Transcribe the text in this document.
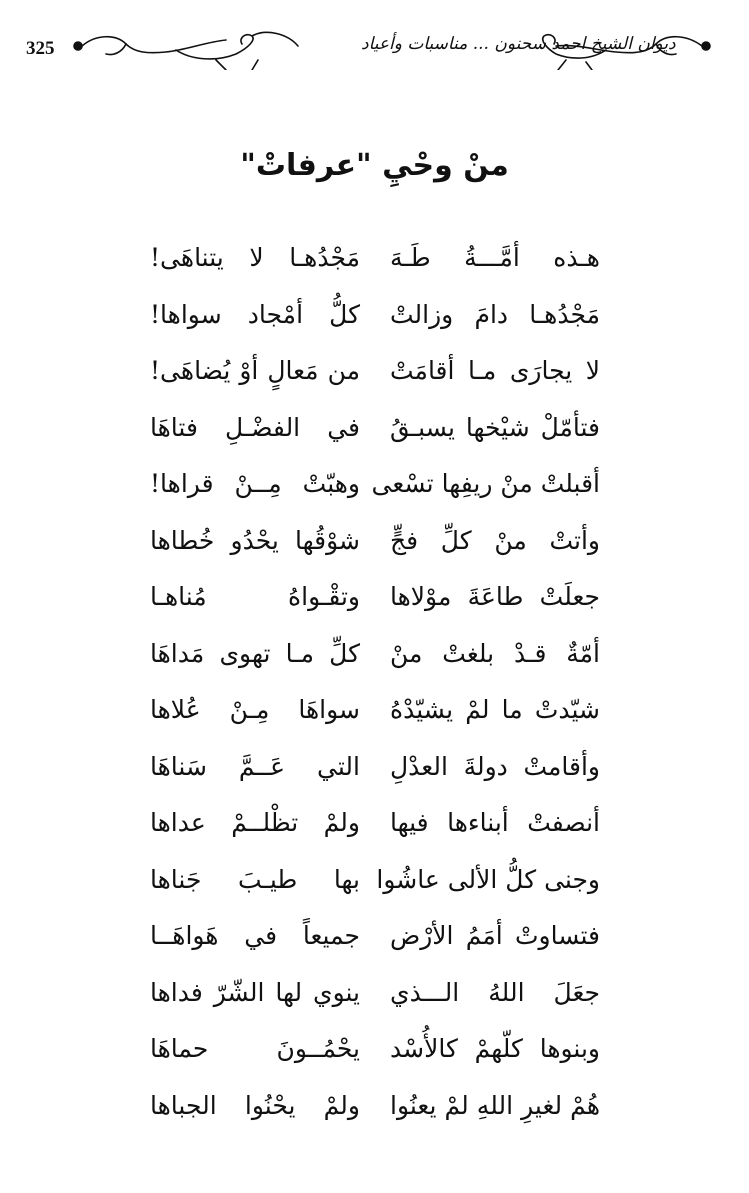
325	ديوان الشيخ احمد سحنون ... مناسبات وأعياد
منْ وحْيِ "عرفاتْ"
هـذه أمَّـــةُ طَـهَ
مَجْدُهـا لا يتناهَى!
مَجْدُهـا دامَ وزالتْ
كلُّ أمْجاد سواها!
لا يجارَى مـا أقامَتْ
من مَعالٍ أوْ يُضاهَى!
فتأمّلْ شيْخها يسبـقُ
في الفضْـلِ فتاهَا
أقبلتْ منْ ريفِها تسْعى
وهبّتْ مِــنْ قراها!
وأتتْ منْ كلِّ فجٍّ
شوْقُها يحْدُو خُطاها
جعلَتْ طاعَةَ موْلاها
وتقْـواهُ مُناهـا
أمّةٌ قـدْ بلغتْ منْ
كلِّ مـا تهوى مَداهَا
شيّدتْ ما لمْ يشيّدْهُ
سواهَا مِـنْ عُلاها
وأقامتْ دولةَ العدْلِ
التي عَــمَّ سَناهَا
أنصفتْ أبناءها فيها
ولمْ تظْلــمْ عداها
وجنى كلُّ الألى عاشُوا
بها طيـبَ جَناها
فتساوتْ أمَمُ الأرْض
جميعاً في هَواهَــا
جعَلَ اللهُ الـــذي
ينوي لها الشّرّ فداها
وبنوها كلّهمْ كالأُسْد
يحْمُــونَ حماهَا
هُمْ لغيرِ اللهِ لمْ يعنُوا
ولمْ يحْنُوا الجباها
